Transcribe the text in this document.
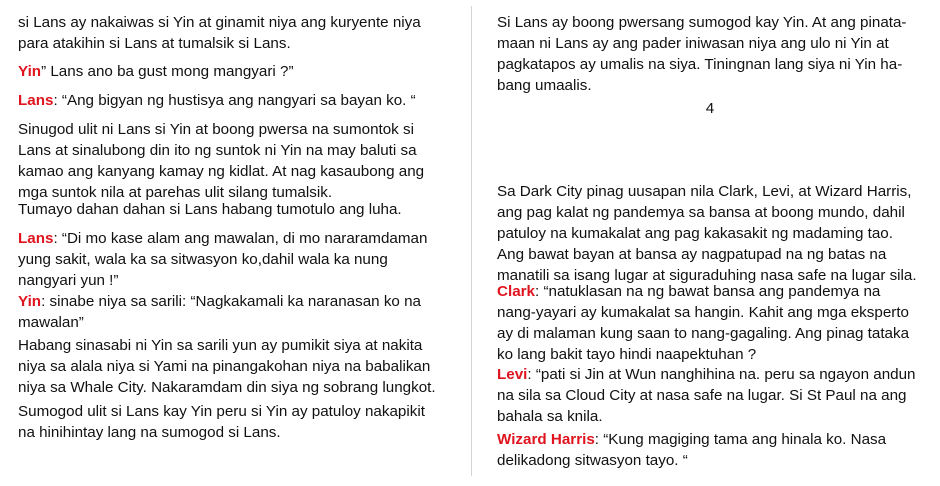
si Lans ay nakaiwas si Yin at ginamit niya ang kuryente niya para atakihin si Lans at tumalsik si Lans.

Yin” Lans ano ba gust mong mangyari ?”

Lans: “Ang bigyan ng hustisya ang nangyari sa bayan ko. “

Sinugod ulit ni Lans si Yin at boong pwersa na sumontok si Lans at sinalubong din ito ng suntok ni Yin na may baluti sa kamao ang kanyang kamay ng kidlat. At nag kasaubong ang mga suntok nila at parehas ulit silang tumalsik.

Tumayo dahan dahan si Lans habang tumotulo ang luha.

Lans: “Di mo kase alam ang mawalan, di mo nararamdaman yung sakit, wala ka sa sitwasyon ko,dahil wala ka nung nangyari yun !”

Yin: sinabe niya sa sarili: “Nagkakamali ka naranasan ko na mawalan”

Habang sinasabi ni Yin sa sarili yun ay pumikit siya at nakita niya sa alala niya si Yami na pinangakohan niya na babalikan niya sa Whale City. Nakaramdam din siya ng sobrang lungkot.

Sumogod ulit si Lans kay Yin peru si Yin ay patuloy nakapikit na hinihintay lang na sumogod si Lans.

Si Lans ay boong pwersang sumogod kay Yin. At ang pinata-maan ni Lans ay ang pader iniwasan niya ang ulo ni Yin at pagkatapos ay umalis na siya. Tiningnan lang siya ni Yin ha-bang umaalis.

4

Sa Dark City pinag uusapan nila Clark, Levi, at Wizard Harris, ang pag kalat ng pandemya sa bansa at boong mundo, dahil patuloy na kumakalat ang pag kakasakit ng madaming tao. Ang bawat bayan at bansa ay nagpatupad na ng batas na manatili sa isang lugar at siguraduhing nasa safe na lugar sila.

Clark: “natuklasan na ng bawat bansa ang pandemya na nang-yayari ay kumakalat sa hangin. Kahit ang mga eksperto ay di malaman kung saan to nang-gagaling. Ang pinag tataka ko lang bakit tayo hindi naapektuhan ?

Levi: “pati si Jin at Wun nanghihina na. peru sa ngayon andun na sila sa Cloud City at nasa safe na lugar. Si St Paul na ang bahala sa knila.

Wizard Harris: “Kung magiging tama ang hinala ko. Nasa delikadong sitwasyon tayo. “
